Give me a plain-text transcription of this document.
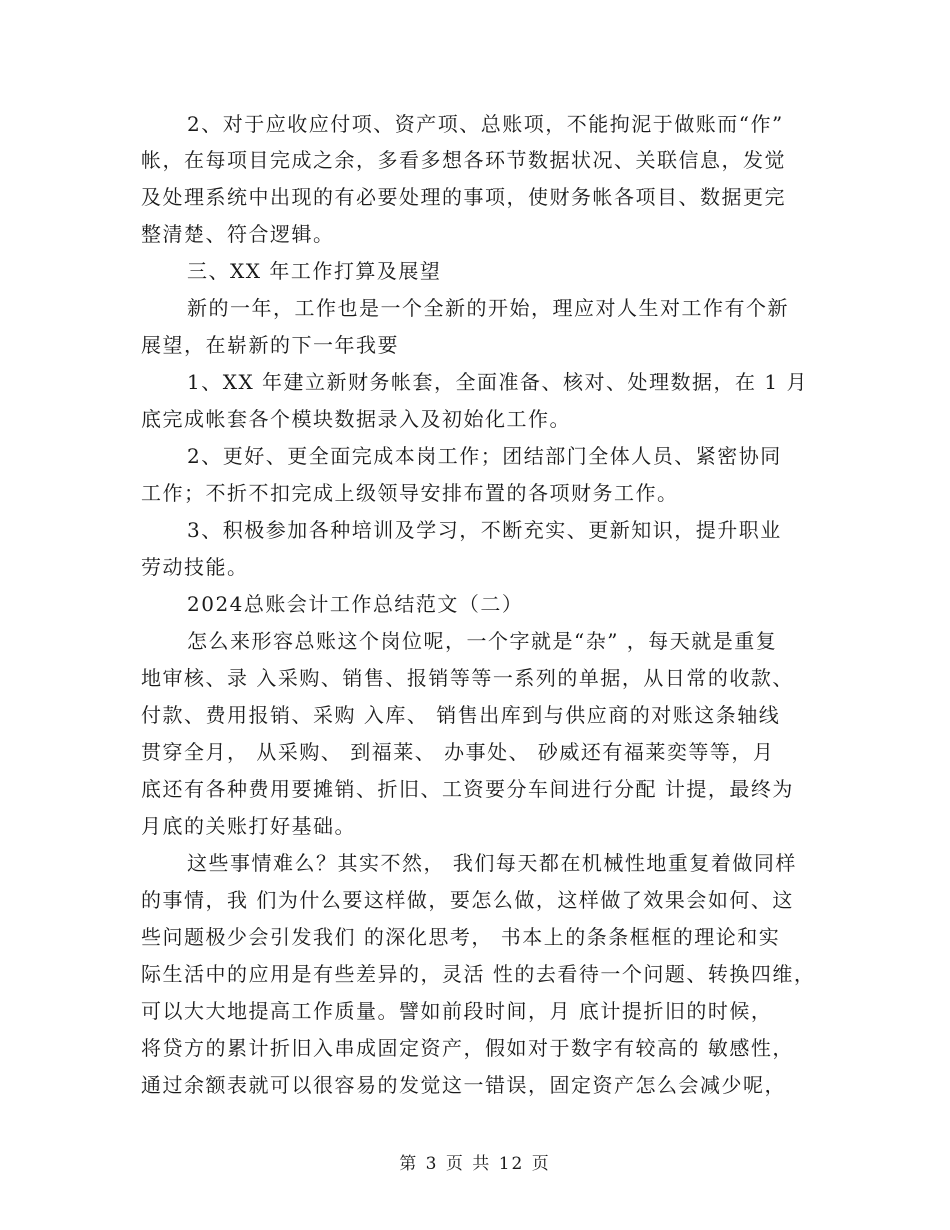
2、对于应收应付项、资产项、总账项，不能拘泥于做账而“作”
帐，在每项目完成之余，多看多想各环节数据状况、关联信息，发觉
及处理系统中出现的有必要处理的事项，使财务帐各项目、数据更完
整清楚、符合逻辑。
三、XX 年工作打算及展望
新的一年，工作也是一个全新的开始，理应对人生对工作有个新
展望，在崭新的下一年我要
1、XX 年建立新财务帐套，全面准备、核对、处理数据，在 1 月
底完成帐套各个模块数据录入及初始化工作。
2、更好、更全面完成本岗工作；团结部门全体人员、紧密协同
工作；不折不扣完成上级领导安排布置的各项财务工作。
3、积极参加各种培训及学习，不断充实、更新知识，提升职业
劳动技能。
2024总账会计工作总结范文（二）
怎么来形容总账这个岗位呢，一个字就是“杂” ，每天就是重复
地审核、录 入采购、销售、报销等等一系列的单据，从日常的收款、
付款、费用报销、采购 入库、 销售出库到与供应商的对账这条轴线
贯穿全月， 从采购、 到福莱、 办事处、 砂威还有福莱奕等等，月
底还有各种费用要摊销、折旧、工资要分车间进行分配 计提，最终为
月底的关账打好基础。
这些事情难么？其实不然， 我们每天都在机械性地重复着做同样
的事情，我 们为什么要这样做，要怎么做，这样做了效果会如何、这
些问题极少会引发我们 的深化思考， 书本上的条条框框的理论和实
际生活中的应用是有些差异的，灵活 性的去看待一个问题、转换四维，
可以大大地提高工作质量。譬如前段时间，月 底计提折旧的时候，
将贷方的累计折旧入串成固定资产，假如对于数字有较高的 敏感性，
通过余额表就可以很容易的发觉这一错误，固定资产怎么会减少呢，
第 3 页 共 12 页
